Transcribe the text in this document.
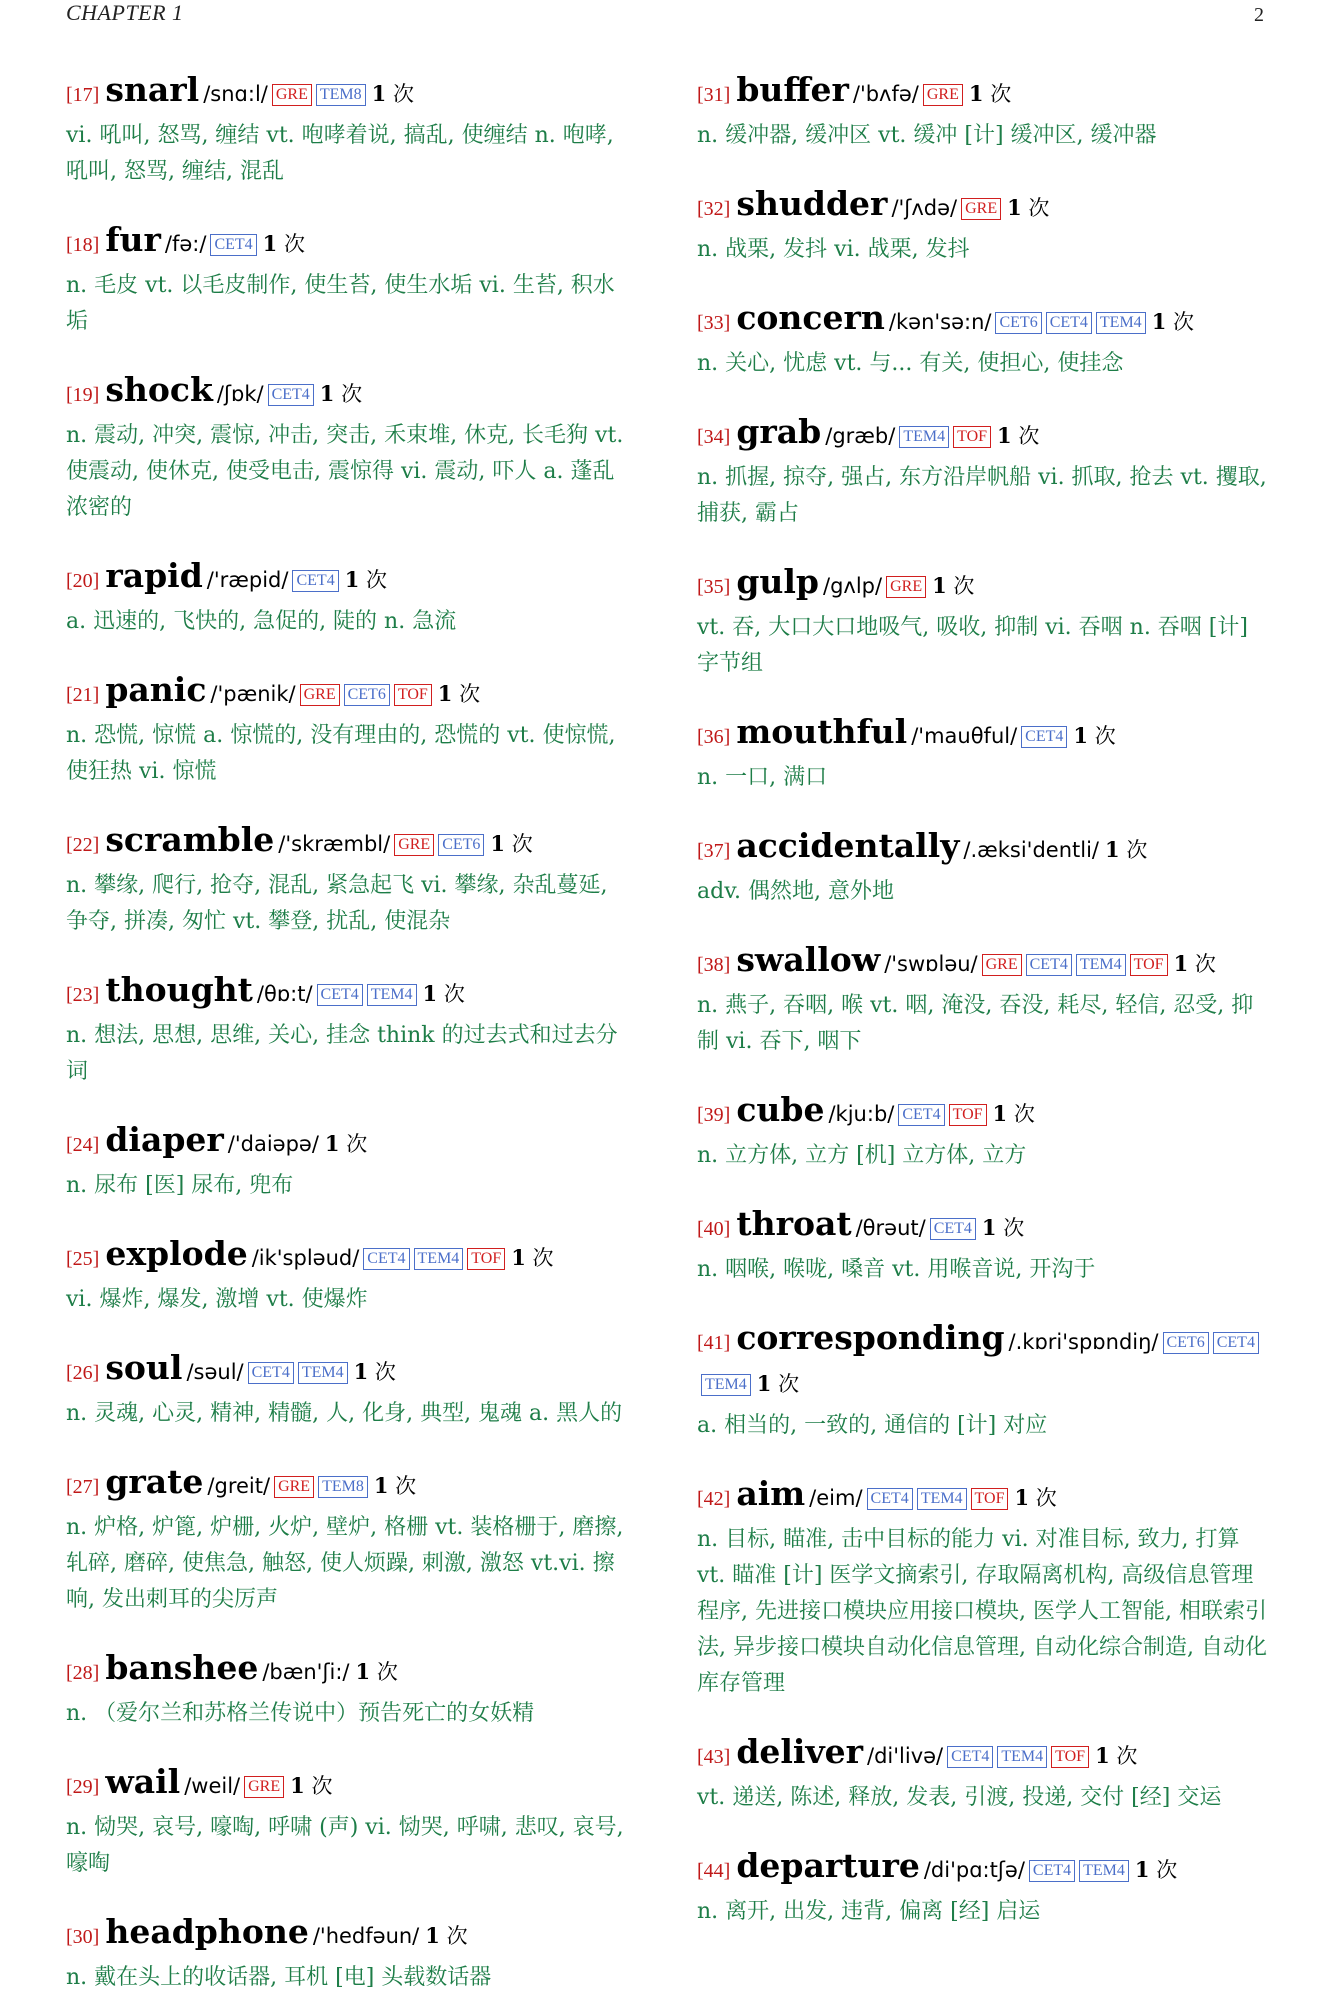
CHAPTER 1	2
[17] snarl /snɑ:l/ GRE TEM8 1 次
vi. 吼叫, 怒骂, 缠结 vt. 咆哮着说, 搞乱, 使缠结 n. 咆哮, 吼叫, 怒骂, 缠结, 混乱
[18] fur /fə:/ CET4 1 次
n. 毛皮 vt. 以毛皮制作, 使生苔, 使生水垢 vi. 生苔, 积水垢
[19] shock /ʃɒk/ CET4 1 次
n. 震动, 冲突, 震惊, 冲击, 突击, 禾束堆, 休克, 长毛狗 vt. 使震动, 使休克, 使受电击, 震惊得 vi. 震动, 吓人 a. 蓬乱浓密的
[20] rapid /'ræpid/ CET4 1 次
a. 迅速的, 飞快的, 急促的, 陡的 n. 急流
[21] panic /'pænik/ GRE CET6 TOF 1 次
n. 恐慌, 惊慌 a. 惊慌的, 没有理由的, 恐慌的 vt. 使惊慌, 使狂热 vi. 惊慌
[22] scramble /'skræmbl/ GRE CET6 1 次
n. 攀缘, 爬行, 抢夺, 混乱, 紧急起飞 vi. 攀缘, 杂乱蔓延, 争夺, 拼凑, 匆忙 vt. 攀登, 扰乱, 使混杂
[23] thought /θɒ:t/ CET4 TEM4 1 次
n. 想法, 思想, 思维, 关心, 挂念 think 的过去式和过去分词
[24] diaper /'daiəpə/ 1 次
n. 尿布 [医] 尿布, 兜布
[25] explode /ik'spləud/ CET4 TEM4 TOF 1 次
vi. 爆炸, 爆发, 激增 vt. 使爆炸
[26] soul /səul/ CET4 TEM4 1 次
n. 灵魂, 心灵, 精神, 精髓, 人, 化身, 典型, 鬼魂 a. 黑人的
[27] grate /greit/ GRE TEM8 1 次
n. 炉格, 炉篦, 炉栅, 火炉, 壁炉, 格栅 vt. 装格栅于, 磨擦, 轧碎, 磨碎, 使焦急, 触怒, 使人烦躁, 刺激, 激怒 vt.vi. 擦响, 发出刺耳的尖厉声
[28] banshee /bæn'ʃi:/ 1 次
n. （爱尔兰和苏格兰传说中）预告死亡的女妖精
[29] wail /weil/ GRE 1 次
n. 恸哭, 哀号, 嚎啕, 呼啸 (声) vi. 恸哭, 呼啸, 悲叹, 哀号, 嚎啕
[30] headphone /'hedfəun/ 1 次
n. 戴在头上的收话器, 耳机 [电] 头载数话器
[31] buffer /'bʌfə/ GRE 1 次
n. 缓冲器, 缓冲区 vt. 缓冲 [计] 缓冲区, 缓冲器
[32] shudder /'ʃʌdə/ GRE 1 次
n. 战栗, 发抖 vi. 战栗, 发抖
[33] concern /kən'sə:n/ CET6 CET4 TEM4 1 次
n. 关心, 忧虑 vt. 与... 有关, 使担心, 使挂念
[34] grab /græb/ TEM4 TOF 1 次
n. 抓握, 掠夺, 强占, 东方沿岸帆船 vi. 抓取, 抢去 vt. 攫取, 捕获, 霸占
[35] gulp /gʌlp/ GRE 1 次
vt. 吞, 大口大口地吸气, 吸收, 抑制 vi. 吞咽 n. 吞咽 [计] 字节组
[36] mouthful /'mauθful/ CET4 1 次
n. 一口, 满口
[37] accidentally /.æksi'dentli/ 1 次
adv. 偶然地, 意外地
[38] swallow /'swɒləu/ GRE CET4 TEM4 TOF 1 次
n. 燕子, 吞咽, 喉 vt. 咽, 淹没, 吞没, 耗尽, 轻信, 忍受, 抑制 vi. 吞下, 咽下
[39] cube /kju:b/ CET4 TOF 1 次
n. 立方体, 立方 [机] 立方体, 立方
[40] throat /θrəut/ CET4 1 次
n. 咽喉, 喉咙, 嗓音 vt. 用喉音说, 开沟于
[41] corresponding /.kɒri'spɒndiŋ/ CET6 CET4TEM4 1 次
a. 相当的, 一致的, 通信的 [计] 对应
[42] aim /eim/ CET4 TEM4 TOF 1 次
n. 目标, 瞄准, 击中目标的能力 vi. 对准目标, 致力, 打算 vt. 瞄准 [计] 医学文摘索引, 存取隔离机构, 高级信息管理程序, 先进接口模块应用接口模块, 医学人工智能, 相联索引法, 异步接口模块自动化信息管理, 自动化综合制造, 自动化库存管理
[43] deliver /di'livə/ CET4 TEM4 TOF 1 次
vt. 递送, 陈述, 释放, 发表, 引渡, 投递, 交付 [经] 交运
[44] departure /di'pɑ:tʃə/ CET4 TEM4 1 次
n. 离开, 出发, 违背, 偏离 [经] 启运
